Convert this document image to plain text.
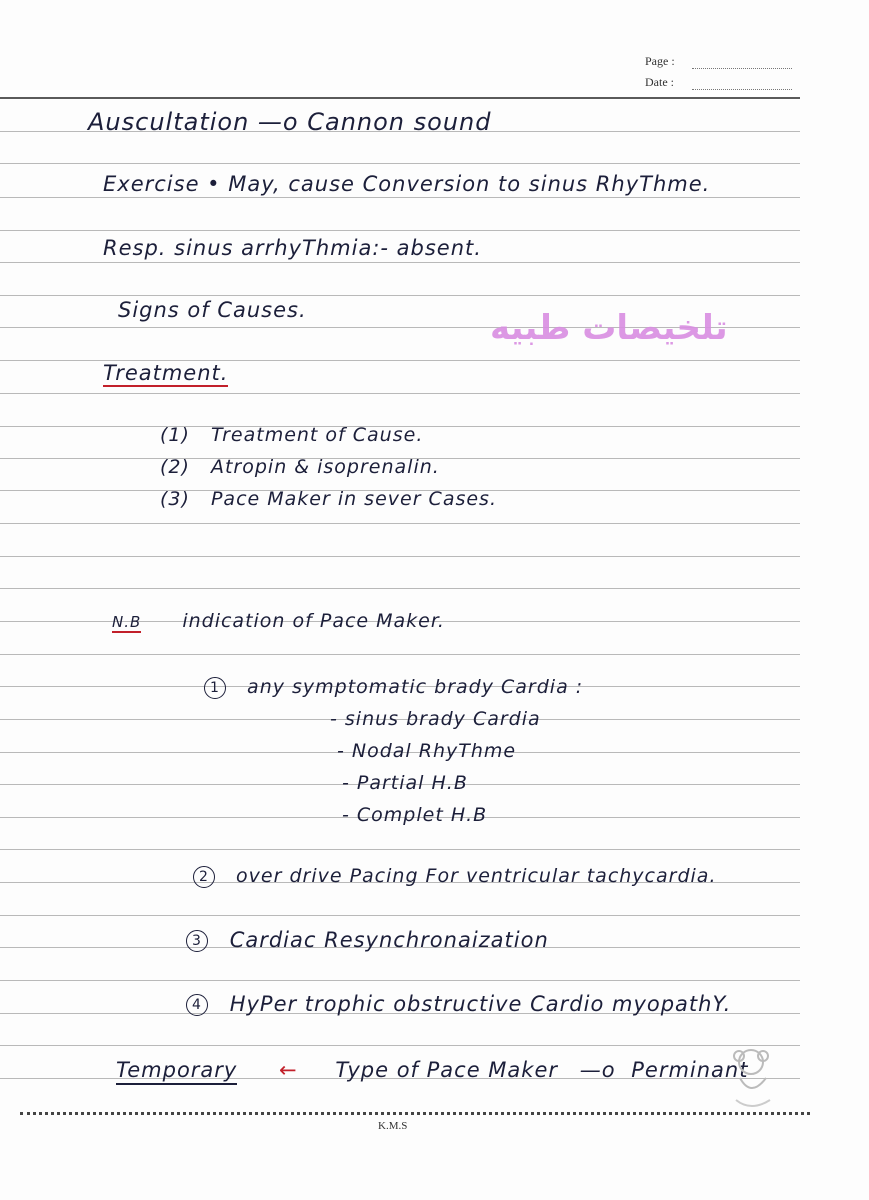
Page :
Date :
K.M.S
تلخيصات طبيه
Auscultation —o Cannon sound
Exercise • May, cause Conversion to sinus RhyThme.
Resp. sinus arrhyThmia:- absent.
Signs of Causes.
Treatment.
(1) Treatment of Cause.
(2) Atropin & isoprenalin.
(3) Pace Maker in sever Cases.
N.B indication of Pace Maker.
1 any symptomatic brady Cardia :
- sinus brady Cardia
- Nodal RhyThme
- Partial H.B
- Complet H.B
2 over drive Pacing For ventricular tachycardia.
3 Cardiac Resynchronaization
4 HyPer trophic obstructive Cardio myopathY.
Temporary ← Type of Pace Maker —o Perminant
